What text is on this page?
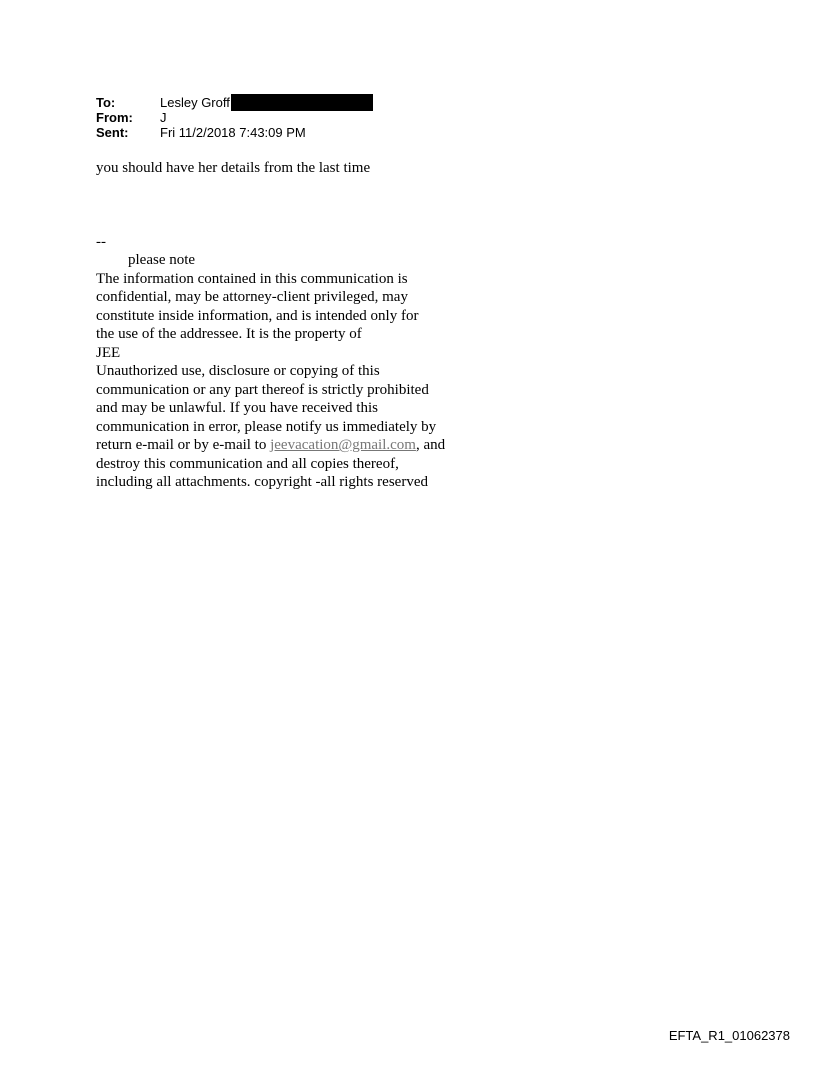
To:	Lesley Groff
From:	J
Sent:	Fri 11/2/2018 7:43:09 PM
you should have her details from the last time
--
please note
The information contained in this communication is
confidential, may be attorney-client privileged, may
constitute inside information, and is intended only for
the use of the addressee. It is the property of
JEE
Unauthorized use, disclosure or copying of this
communication or any part thereof is strictly prohibited
and may be unlawful. If you have received this
communication in error, please notify us immediately by
return e-mail or by e-mail to jeevacation@gmail.com, and
destroy this communication and all copies thereof,
including all attachments. copyright -all rights reserved
EFTA_R1_01062378
